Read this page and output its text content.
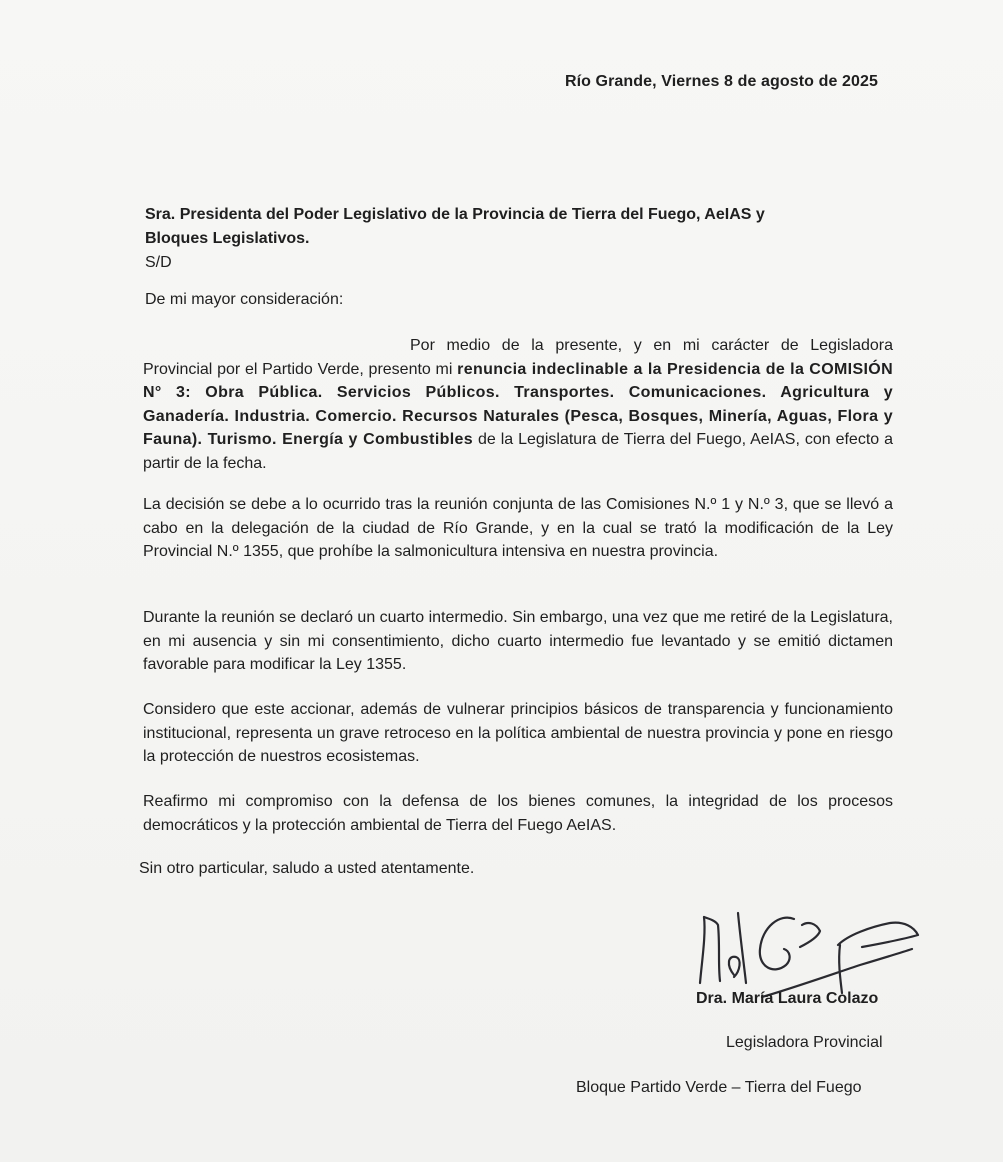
Río Grande, Viernes 8 de agosto de 2025
Sra. Presidenta del Poder Legislativo de la Provincia de Tierra del Fuego, AeIAS y
Bloques Legislativos.
S/D
De mi mayor consideración:

Por medio de la presente, y en mi carácter de Legisladora Provincial por el Partido Verde, presento mi renuncia indeclinable a la Presidencia de la COMISIÓN N° 3: Obra Pública. Servicios Públicos. Transportes. Comunicaciones. Agricultura y Ganadería. Industria. Comercio. Recursos Naturales (Pesca, Bosques, Minería, Aguas, Flora y Fauna). Turismo. Energía y Combustibles de la Legislatura de Tierra del Fuego, AeIAS, con efecto a partir de la fecha.

La decisión se debe a lo ocurrido tras la reunión conjunta de las Comisiones N.º 1 y N.º 3, que se llevó a cabo en la delegación de la ciudad de Río Grande, y en la cual se trató la modificación de la Ley Provincial N.º 1355, que prohíbe la salmonicultura intensiva en nuestra provincia.

Durante la reunión se declaró un cuarto intermedio. Sin embargo, una vez que me retiré de la Legislatura, en mi ausencia y sin mi consentimiento, dicho cuarto intermedio fue levantado y se emitió dictamen favorable para modificar la Ley 1355.

Considero que este accionar, además de vulnerar principios básicos de transparencia y funcionamiento institucional, representa un grave retroceso en la política ambiental de nuestra provincia y pone en riesgo la protección de nuestros ecosistemas.

Reafirmo mi compromiso con la defensa de los bienes comunes, la integridad de los procesos democráticos y la protección ambiental de Tierra del Fuego AeIAS.

Sin otro particular, saludo a usted atentamente.
Dra. María Laura Colazo
Legisladora Provincial
Bloque Partido Verde – Tierra del Fuego
